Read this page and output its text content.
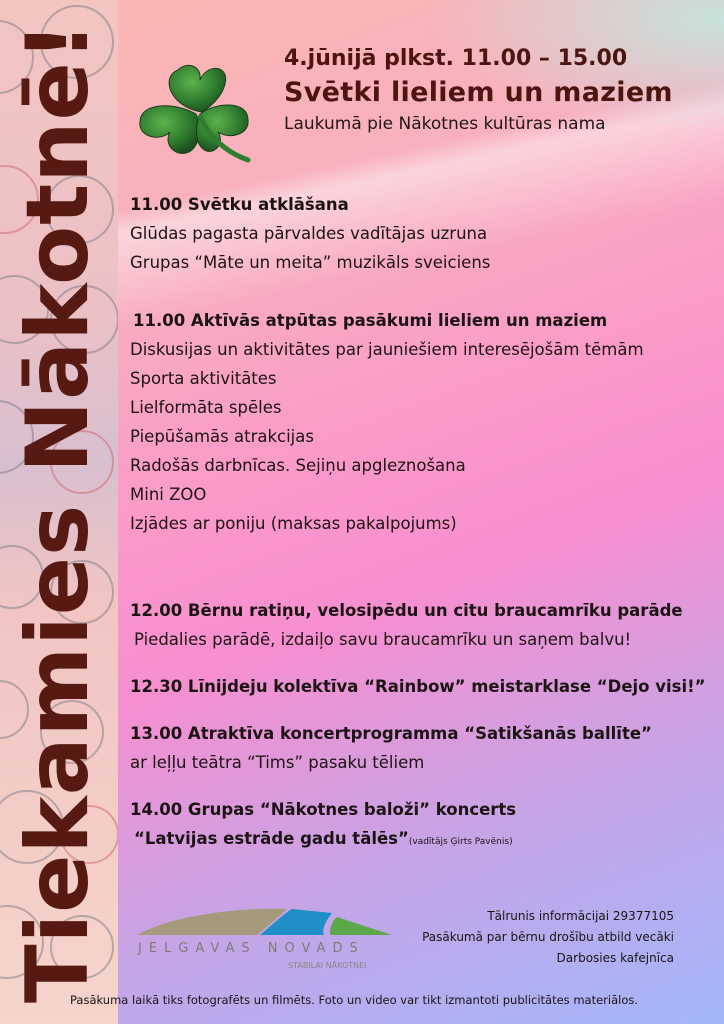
Tiekamies Nākotnē!	4.jūnijā plkst. 11.00 – 15.00
Svētki lieliem un maziem
Laukumā pie Nākotnes kultūras nama
11.00 Svētku atklāšana
Glūdas pagasta pārvaldes vadītājas uzruna
Grupas “Māte un meita” muzikāls sveiciens
11.00 Aktīvās atpūtas pasākumi lieliem un maziem
Diskusijas un aktivitātes par jauniešiem interesējošām tēmām
Sporta aktivitātes
Lielformāta spēles
Piepūšamās atrakcijas
Radošās darbnīcas. Sejiņu apgleznošana
Mini ZOO
Izjādes ar poniju (maksas pakalpojums)
12.00 Bērnu ratiņu, velosipēdu un citu braucamrīku parāde
Piedalies parādē, izdaiļo savu braucamrīku un saņem balvu!
12.30 Līnijdeju kolektīva “Rainbow” meistarklase “Dejo visi!”
13.00 Atraktīva koncertprogramma “Satikšanās ballīte”
ar leļļu teātra “Tims” pasaku tēliem
14.00 Grupas “Nākotnes baloži” koncerts
“Latvijas estrāde gadu tālēs”(vadītājs Ģirts Pavēnis)
JELGAVAS NOVADS
STABILAI NĀKOTNEI
Tālrunis informācijai 29377105
Pasākumā par bērnu drošību atbild vecāki
Darbosies kafejnīca
Pasākuma laikā tiks fotografēts un filmēts. Foto un video var tikt izmantoti publicitātes materiālos.
